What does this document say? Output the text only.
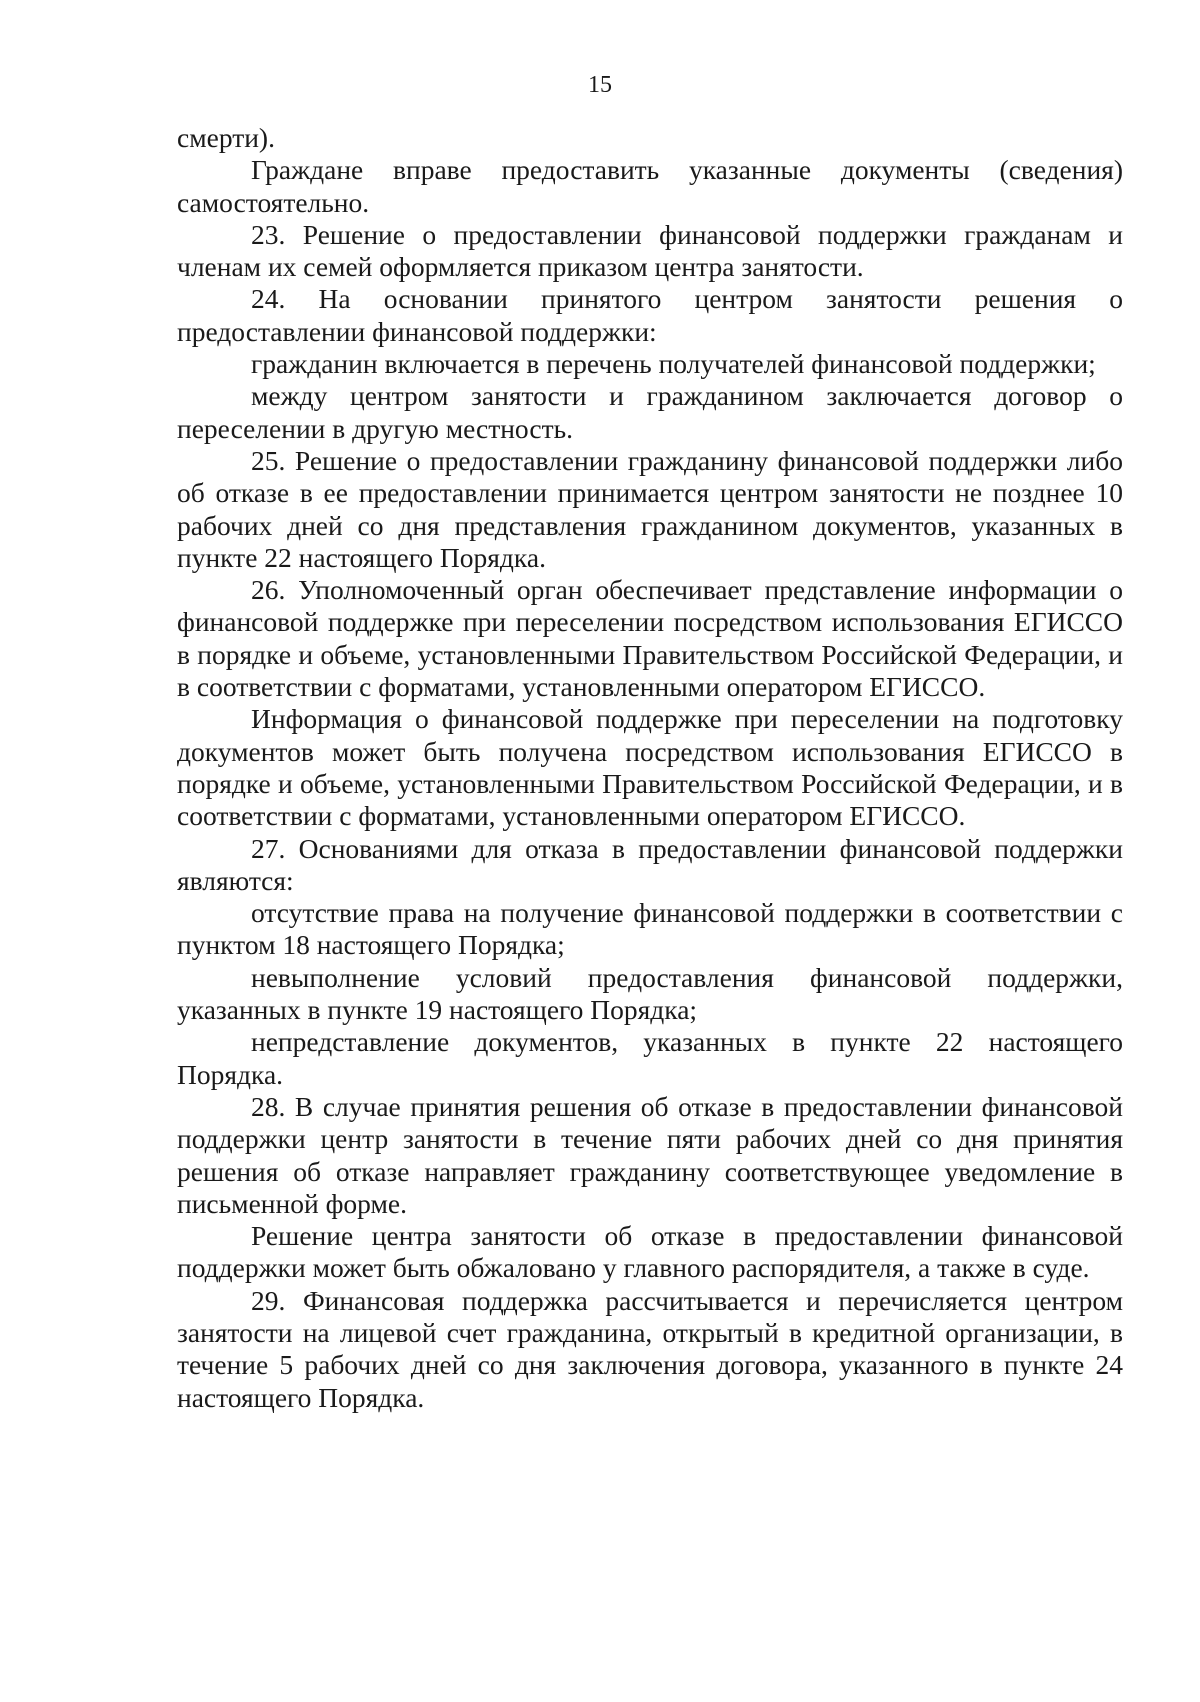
15

смерти).

Граждане вправе предоставить указанные документы (сведения) самостоятельно.

23. Решение о предоставлении финансовой поддержки гражданам и членам их семей оформляется приказом центра занятости.

24. На основании принятого центром занятости решения о предоставлении финансовой поддержки:

гражданин включается в перечень получателей финансовой поддержки;

между центром занятости и гражданином заключается договор о переселении в другую местность.

25. Решение о предоставлении гражданину финансовой поддержки либо об отказе в ее предоставлении принимается центром занятости не позднее 10 рабочих дней со дня представления гражданином документов, указанных в пункте 22 настоящего Порядка.

26. Уполномоченный орган обеспечивает представление информации о финансовой поддержке при переселении посредством использования ЕГИССО в порядке и объеме, установленными Правительством Российской Федерации, и в соответствии с форматами, установленными оператором ЕГИССО.

Информация о финансовой поддержке при переселении на подготовку документов может быть получена посредством использования ЕГИССО в порядке и объеме, установленными Правительством Российской Федерации, и в соответствии с форматами, установленными оператором ЕГИССО.

27. Основаниями для отказа в предоставлении финансовой поддержки являются:

отсутствие права на получение финансовой поддержки в соответствии с пунктом 18 настоящего Порядка;

невыполнение условий предоставления финансовой поддержки, указанных в пункте 19 настоящего Порядка;

непредставление документов, указанных в пункте 22 настоящего Порядка.

28. В случае принятия решения об отказе в предоставлении финансовой поддержки центр занятости в течение пяти рабочих дней со дня принятия решения об отказе направляет гражданину соответствующее уведомление в письменной форме.

Решение центра занятости об отказе в предоставлении финансовой поддержки может быть обжаловано у главного распорядителя, а также в суде.

29. Финансовая поддержка рассчитывается и перечисляется центром занятости на лицевой счет гражданина, открытый в кредитной организации, в течение 5 рабочих дней со дня заключения договора, указанного в пункте 24 настоящего Порядка.
